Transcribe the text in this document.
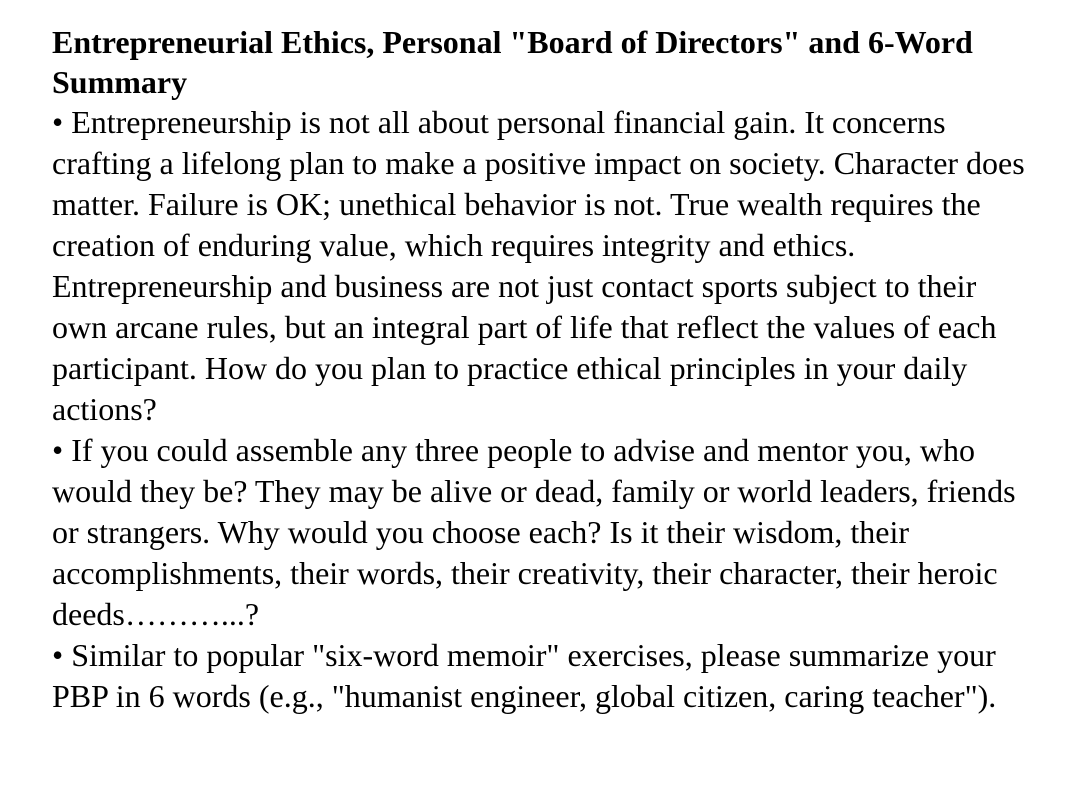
Entrepreneurial Ethics, Personal "Board of Directors" and 6-Word Summary
• Entrepreneurship is not all about personal financial gain. It concerns crafting a lifelong plan to make a positive impact on society. Character does matter. Failure is OK; unethical behavior is not. True wealth requires the creation of enduring value, which requires integrity and ethics. Entrepreneurship and business are not just contact sports subject to their own arcane rules, but an integral part of life that reflect the values of each participant. How do you plan to practice ethical principles in your daily actions?
• If you could assemble any three people to advise and mentor you, who would they be? They may be alive or dead, family or world leaders, friends or strangers. Why would you choose each? Is it their wisdom, their accomplishments, their words, their creativity, their character, their heroic deeds………...?
• Similar to popular "six-word memoir" exercises, please summarize your PBP in 6 words (e.g., "humanist engineer, global citizen, caring teacher").
